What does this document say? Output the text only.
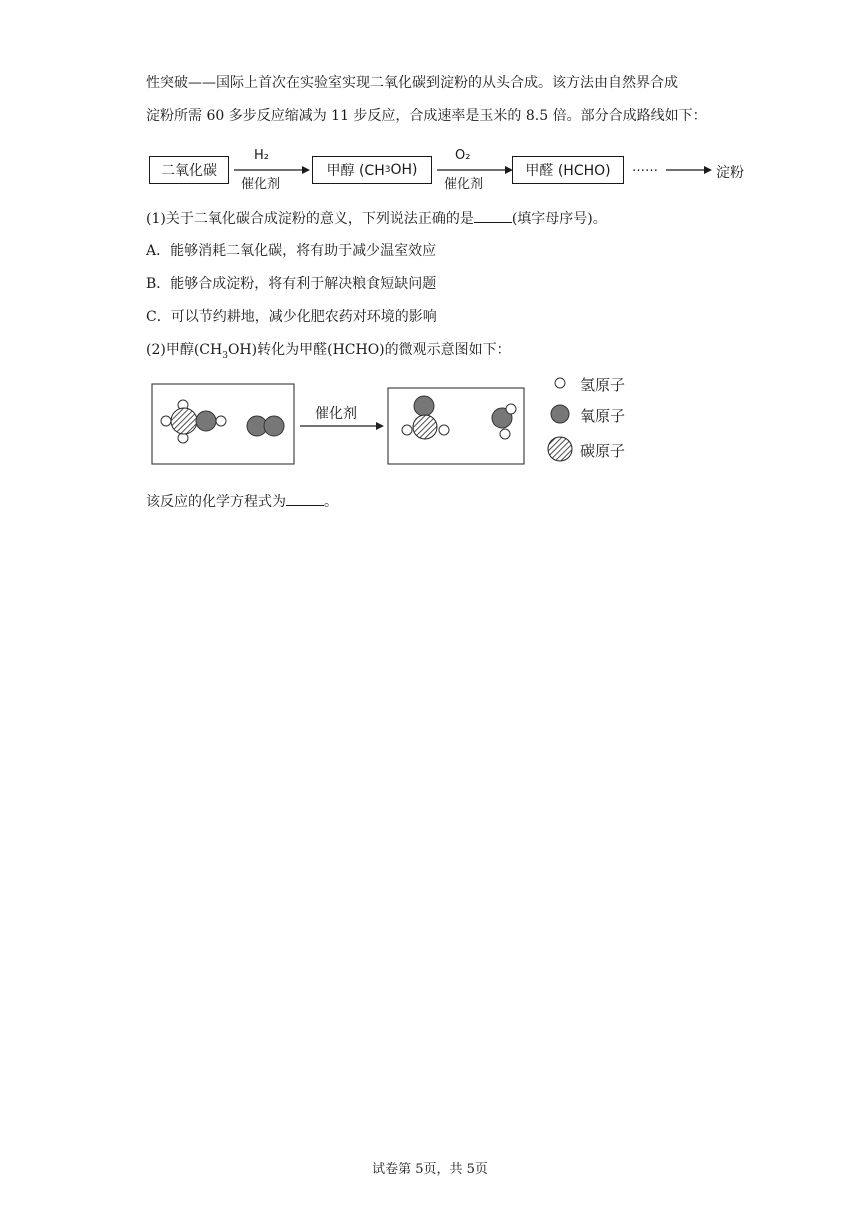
性突破——国际上首次在实验室实现二氧化碳到淀粉的从头合成。该方法由自然界合成
淀粉所需 60 多步反应缩减为 11 步反应，合成速率是玉米的 8.5 倍。部分合成路线如下：
二氧化碳
H₂
催化剂
甲醇 (CH 3 OH)
O₂
催化剂
甲醛 (HCHO)	……	淀粉
(1)关于二氧化碳合成淀粉的意义，下列说法正确的是	(填字母序号)。
A．能够消耗二氧化碳，将有助于减少温室效应
B．能够合成淀粉，将有利于解决粮食短缺问题
C．可以节约耕地，减少化肥农药对环境的影响
(2)甲醇$(CH_3OH)$转化为甲醛(HCHO)的微观示意图如下：
催化剂
氢原子
氧原子
碳原子
该反应的化学方程式为	。
试卷第 5页，共 5页
